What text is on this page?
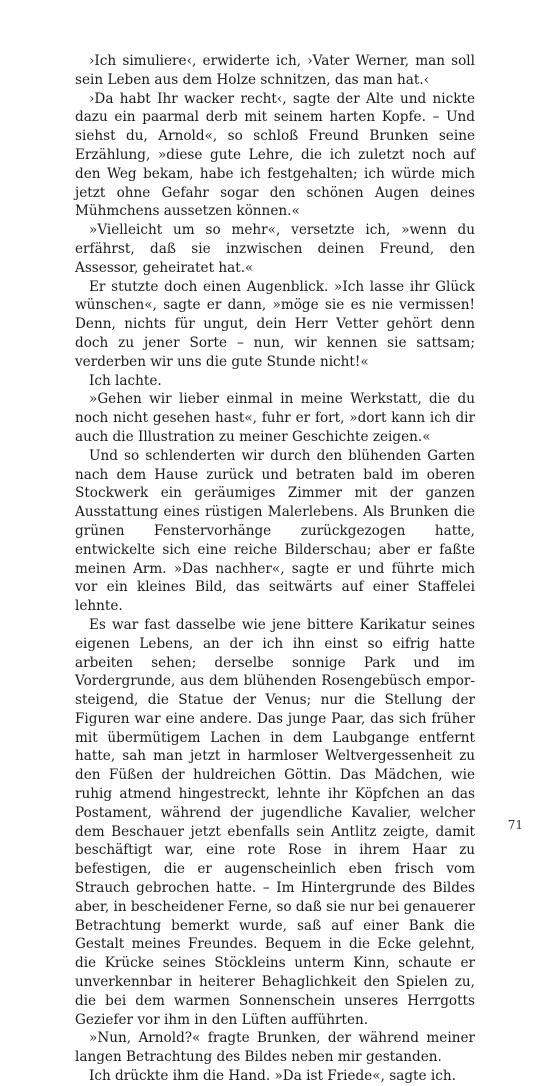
›Ich simuliere‹, erwiderte ich, ›Vater Werner, man soll sein Leben aus dem Holze schnitzen, das man hat.‹

›Da habt Ihr wacker recht‹, sagte der Alte und nickte dazu ein paarmal derb mit seinem harten Kopfe. – Und siehst du, Arnold«, so schloß Freund Brunken seine Erzählung, »diese gute Lehre, die ich zuletzt noch auf den Weg bekam, habe ich festgehalten; ich würde mich jetzt ohne Gefahr sogar den schönen Augen deines Mühmchens aussetzen können.«

»Vielleicht um so mehr«, versetzte ich, »wenn du erfährst, daß sie inzwischen deinen Freund, den Assessor, geheiratet hat.«

Er stutzte doch einen Augenblick. »Ich lasse ihr Glück wünschen«, sagte er dann, »möge sie es nie vermissen! Denn, nichts für ungut, dein Herr Vetter gehört denn doch zu jener Sorte – nun, wir kennen sie sattsam; verderben wir uns die gute Stunde nicht!«

Ich lachte.

»Gehen wir lieber einmal in meine Werkstatt, die du noch nicht gesehen hast«, fuhr er fort, »dort kann ich dir auch die Illustration zu meiner Geschichte zeigen.«

Und so schlenderten wir durch den blühenden Garten nach dem Hause zurück und betraten bald im oberen Stockwerk ein geräumiges Zimmer mit der ganzen Ausstattung eines rüstigen Malerlebens. Als Brunken die grünen Fenstervorhänge zurückgezogen hatte, entwickelte sich eine reiche Bilderschau; aber er faßte meinen Arm. »Das nachher«, sagte er und führte mich vor ein kleines Bild, das seitwärts auf einer Staffelei lehnte.

Es war fast dasselbe wie jene bittere Karikatur seines eigenen Lebens, an der ich ihn einst so eifrig hatte arbeiten sehen; derselbe sonnige Park und im Vordergrunde, aus dem blühenden Rosengebüsch emporsteigend, die Statue der Venus; nur die Stellung der Figuren war eine andere. Das junge Paar, das sich früher mit übermütigem Lachen in dem Laubgange entfernt hatte, sah man jetzt in harmloser Weltvergessenheit zu den Füßen der huldreichen Göttin. Das Mädchen, wie ruhig atmend hingestreckt, lehnte ihr Köpfchen an das Postament, während der jugendliche Kavalier, welcher dem Beschauer jetzt ebenfalls sein Antlitz zeigte, damit beschäftigt war, eine rote Rose in ihrem Haar zu befestigen, die er augenscheinlich eben frisch vom Strauch gebrochen hatte. – Im Hintergrunde des Bildes aber, in bescheidener Ferne, so daß sie nur bei genauerer Betrachtung bemerkt wurde, saß auf einer Bank die Gestalt meines Freundes. Bequem in die Ecke gelehnt, die Krücke seines Stöckleins unterm Kinn, schaute er unverkennbar in heiterer Behaglichkeit den Spielen zu, die bei dem warmen Sonnenschein unseres Herrgotts Geziefer vor ihm in den Lüften aufführten.

»Nun, Arnold?« fragte Brunken, der während meiner langen Betrachtung des Bildes neben mir gestanden.

Ich drückte ihm die Hand. »Da ist Friede«, sagte ich.

71
